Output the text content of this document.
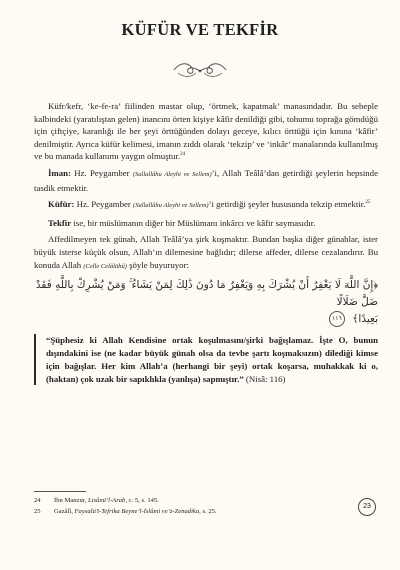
KÜFÜR VE TEKFİR

Küfr/kefr, ‘ke-fe-ra’ fiilinden mastar olup, ‘örtmek, kapatmak’ manasındadır. Bu sebeple kalbindeki (yaratılıştan gelen) inancını örten kişiye kâfir denildiği gibi, tohumu toprağa gömdüğü için çiftçiye, karanlığı ile her şeyi örttüğünden dolayı geceye, kılıcı örttüğü için kınına ‘kâfir’ denilmiştir. Ayrıca küfür kelimesi, imanın zıddı olarak ‘tekzip’ ve ‘inkâr’ manalarında kullanılmış ve bu manada kullanımı yaygın olmuştur.$^{24}$

İman: Hz. Peygamber (Sallallâhu Aleyhi ve Sellem)’i, Allah Teâlâ’dan getirdiği şeylerin hepsinde tasdik etmektir.

Küfür: Hz. Peygamber (Sallallâhu Aleyhi ve Sellem)’i getirdiği şeyler hususunda tekzip etmektir.$^{25}$

Tekfir ise, bir müslümanın diğer bir Müslümanı inkârcı ve kâfir saymasıdır.

Affedilmeyen tek günah, Allah Teâlâ’ya şirk koşmaktır. Bundan başka diğer günahlar, ister büyük isterse küçük olsun, Allah’ın dilemesine bağlıdır; dilerse affeder, dilerse cezalandırır. Bu konuda Allah (Celle Celâlühû) şöyle buyuruyor:

﴿إِنَّ اللَّهَ لَا يَغْفِرُ أَنْ يُشْرَكَ بِهِ وَيَغْفِرُ مَا دُونَ ذَٰلِكَ لِمَنْ يَشَاءُ ۚ وَمَنْ يُشْرِكْ بِاللَّهِ فَقَدْ ضَلَّ ضَلَالًا
بَعِيدًا﴾ ١١٦
“Şüphesiz ki Allah Kendisine ortak koşulmasını/şirki bağışlamaz. İşte O, bunun dışındakini ise (ne kadar büyük günah olsa da tevbe şartı koşmaksızın) dilediği kimse için bağışlar. Her kim Allah’a (herhangi bir şeyi) ortak koşarsa, muhakkak ki o, (haktan) çok uzak bir sapıklıkla (yanlışa) sapmıştır.” (Nisâ: 116)
24	İbn Manzur, Lisânü’l-Arab, c. 5, s. 145.
25	Gazâlî, Faysalü’t-Tefrika Beyne’l-İslâmi ve’z-Zenadika, s. 25.
23
